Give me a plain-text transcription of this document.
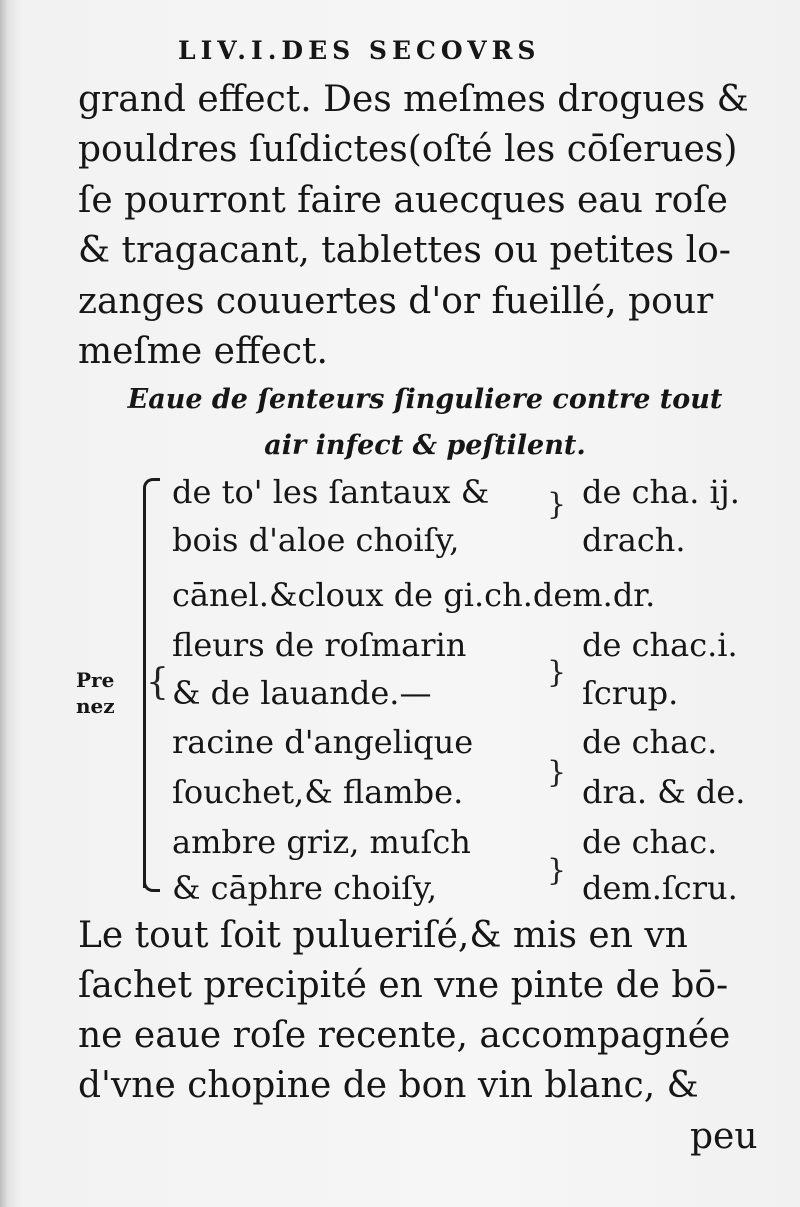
LIV.I.DES SECOVRS
grand effect. Des meſmes drogues &
pouldres ſuſdictes(oſté les cōſerues)
ſe pourront faire auecques eau roſe
& tragacant, tablettes ou petites lo-
zanges couuertes d'or fueillé, pour
meſme effect.
Eaue de ſenteurs ſinguliere contre tout
air infect & peſtilent.
Pre
nez
{
de to' les ſantaux &
bois d'aloe choiſy,
cānel.&cloux de gi.ch.dem.dr.
fleurs de roſmarin
& de lauande.—
racine d'angelique
ſouchet,& flambe.
ambre griz, muſch
& cāphre choiſy,
}
}
}
}
de cha. ij.
drach.
de chac.i.
ſcrup.
de chac.
dra. & de.
de chac.
dem.ſcru.
Le tout ſoit pulueriſé,& mis en vn
ſachet precipité en vne pinte de bō-
ne eaue roſe recente, accompagnée
d'vne chopine de bon vin blanc, &
peu
